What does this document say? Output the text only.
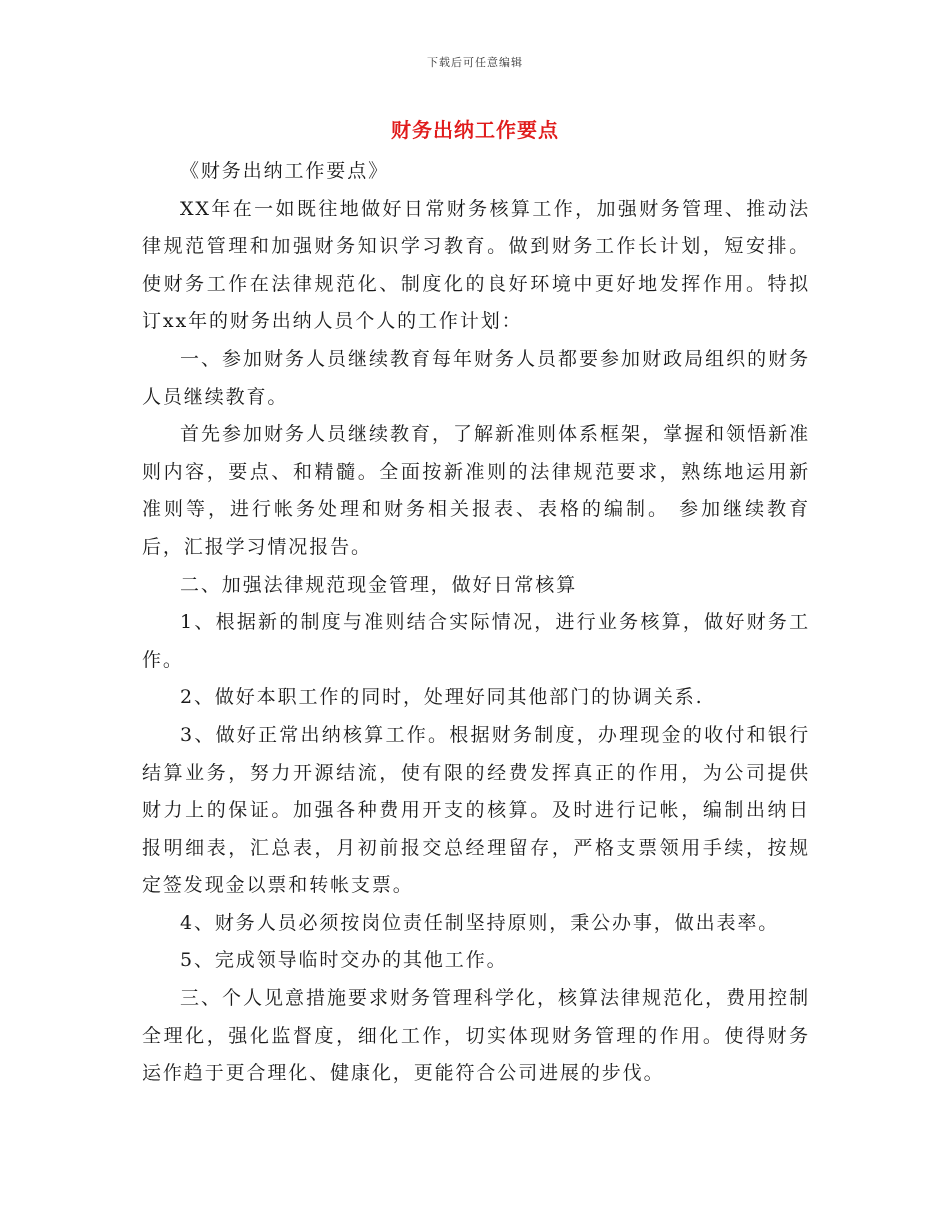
下载后可任意编辑
财务出纳工作要点

《财务出纳工作要点》

XX年在一如既往地做好日常财务核算工作，加强财务管理、推动法律规范管理和加强财务知识学习教育。做到财务工作长计划，短安排。使财务工作在法律规范化、制度化的良好环境中更好地发挥作用。特拟订xx年的财务出纳人员个人的工作计划：

一、参加财务人员继续教育每年财务人员都要参加财政局组织的财务人员继续教育。

首先参加财务人员继续教育，了解新准则体系框架，掌握和领悟新准则内容，要点、和精髓。全面按新准则的法律规范要求，熟练地运用新准则等，进行帐务处理和财务相关报表、表格的编制。 参加继续教育后，汇报学习情况报告。

二、加强法律规范现金管理，做好日常核算

1、根据新的制度与准则结合实际情况，进行业务核算，做好财务工作。

2、做好本职工作的同时，处理好同其他部门的协调关系.

3、做好正常出纳核算工作。根据财务制度，办理现金的收付和银行结算业务，努力开源结流，使有限的经费发挥真正的作用，为公司提供财力上的保证。加强各种费用开支的核算。及时进行记帐，编制出纳日报明细表，汇总表，月初前报交总经理留存，严格支票领用手续，按规定签发现金以票和转帐支票。

4、财务人员必须按岗位责任制坚持原则，秉公办事，做出表率。

5、完成领导临时交办的其他工作。

三、个人见意措施要求财务管理科学化，核算法律规范化，费用控制全理化，强化监督度，细化工作，切实体现财务管理的作用。使得财务运作趋于更合理化、健康化，更能符合公司进展的步伐。
